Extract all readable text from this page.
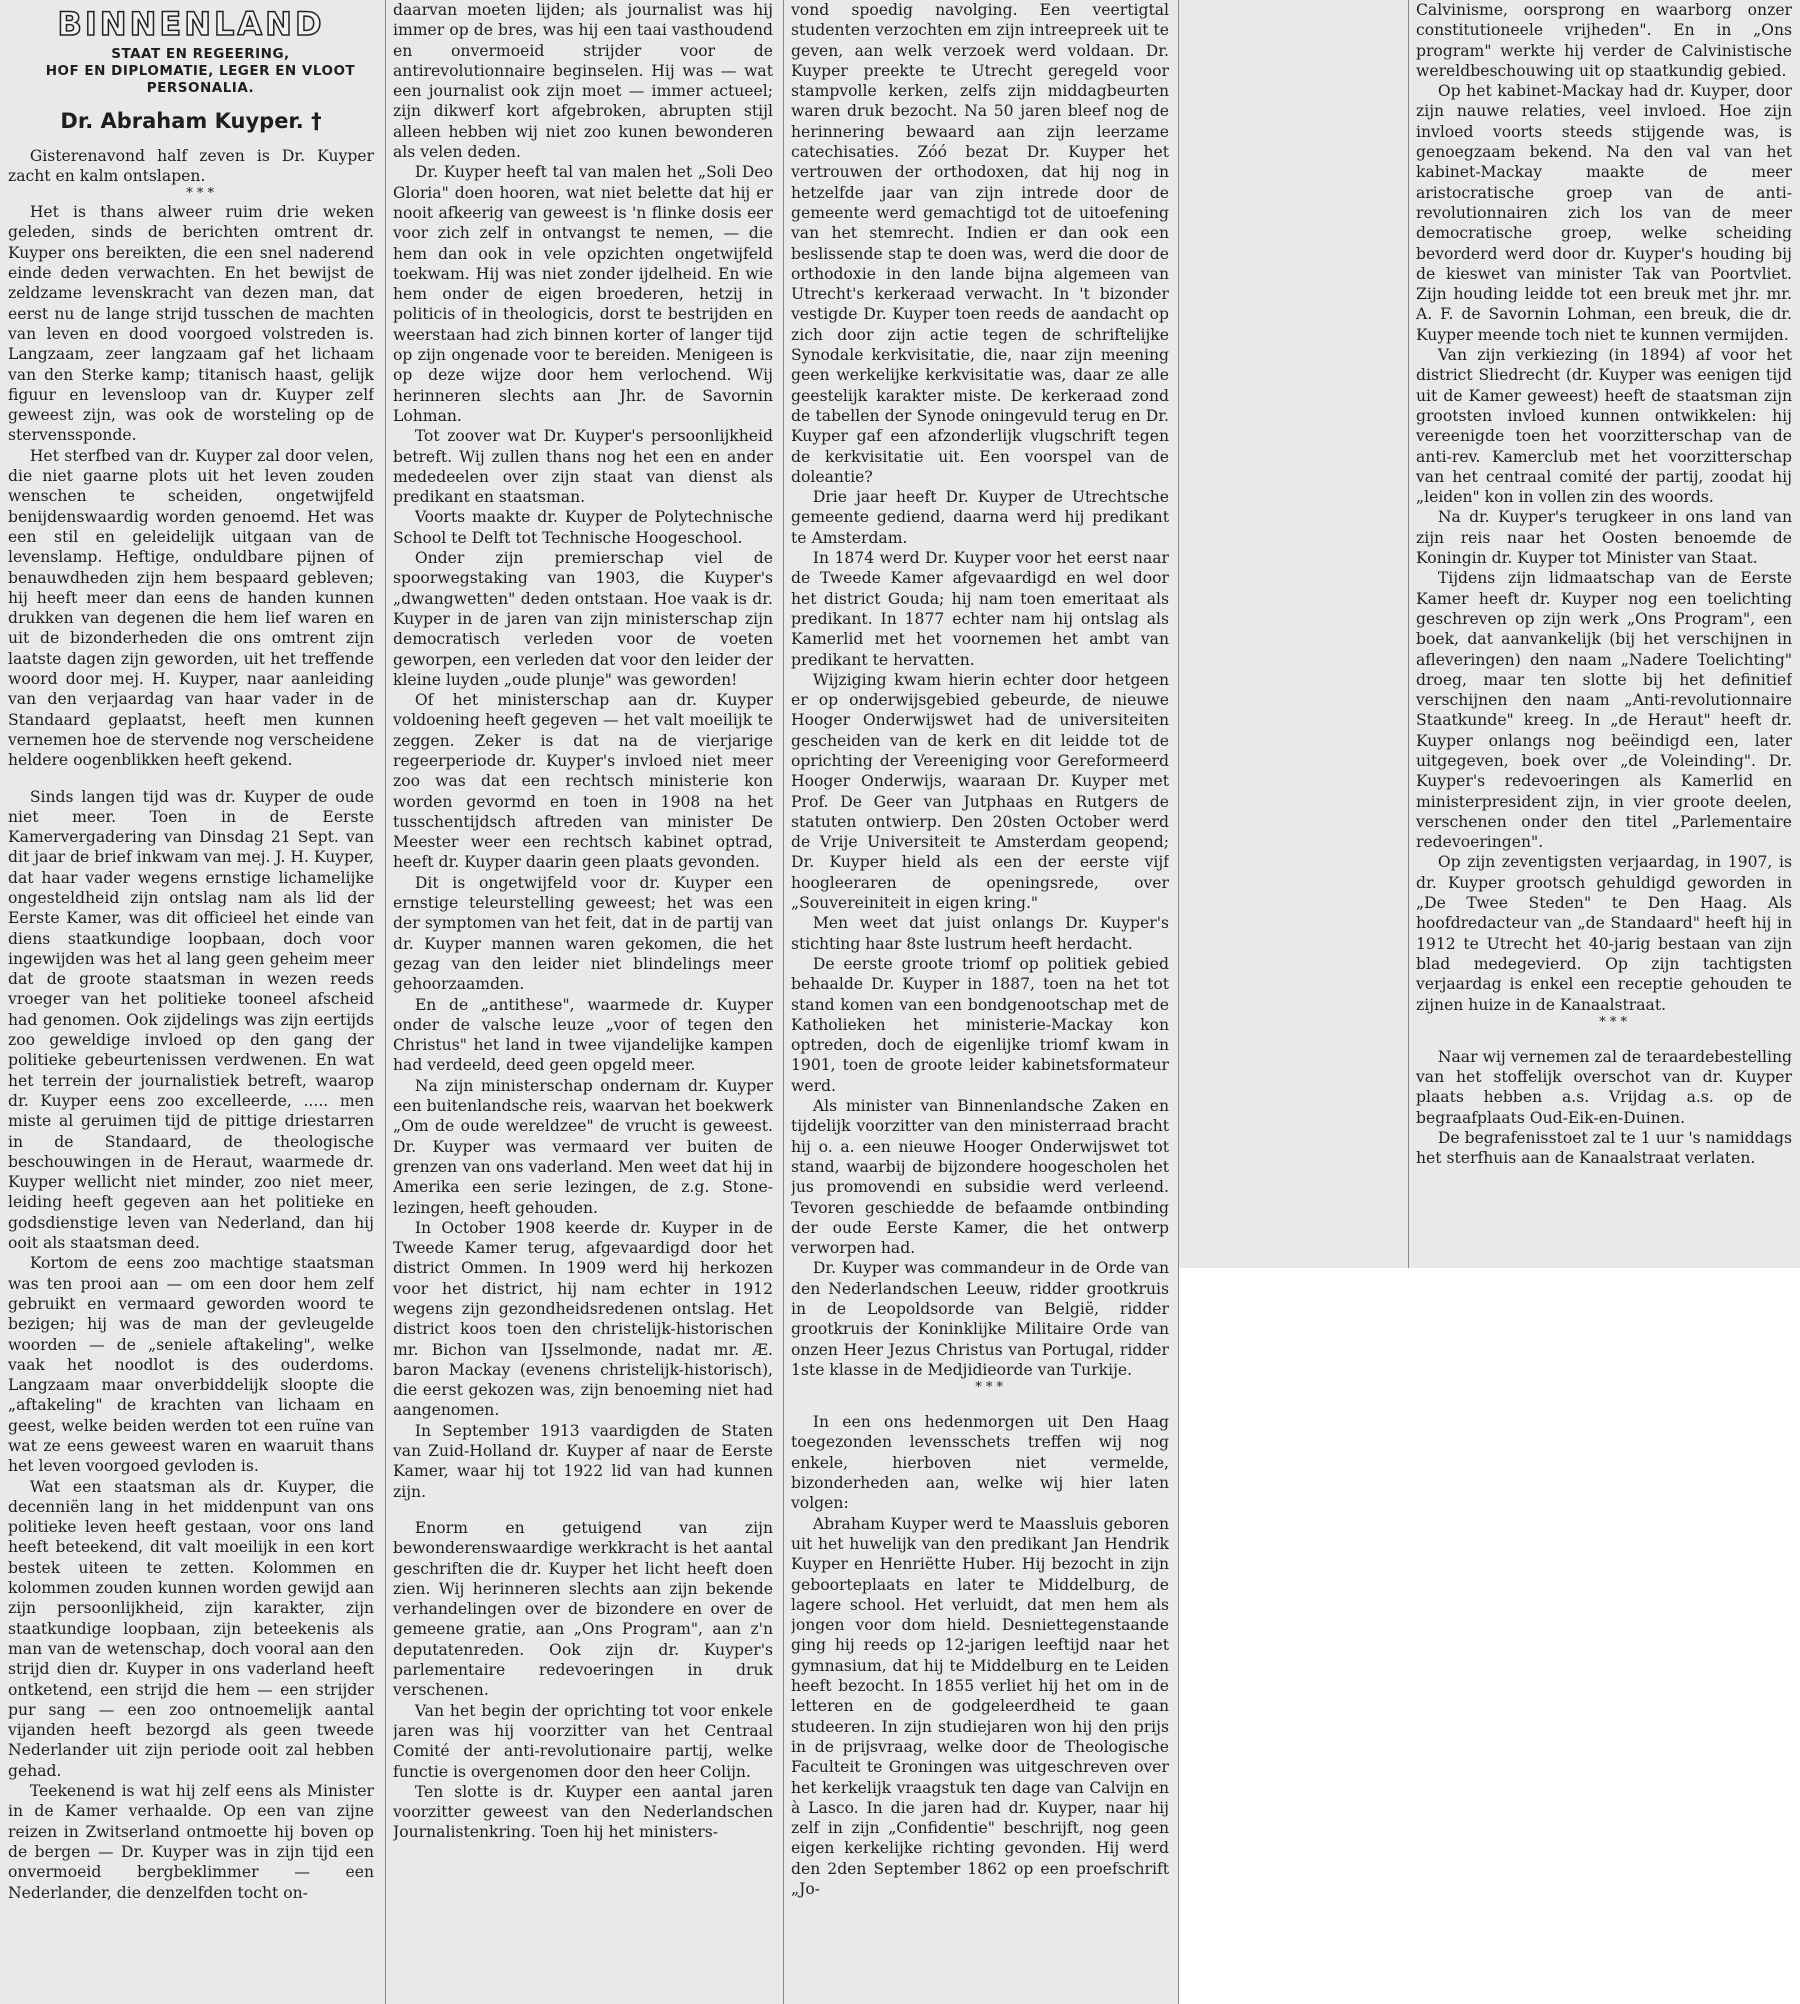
BINNENLAND

STAAT EN REGEERING,

HOF EN DIPLOMATIE, LEGER EN VLOOT

PERSONALIA.

Dr. Abraham Kuyper. †

Gisterenavond half zeven is Dr. Kuyper zacht en kalm ontslapen.

* * *

Het is thans alweer ruim drie weken geleden, sinds de berichten omtrent dr. Kuyper ons bereikten, die een snel naderend einde deden verwachten. En het bewijst de zeldzame levenskracht van dezen man, dat eerst nu de lange strijd tusschen de machten van leven en dood voorgoed volstreden is. Langzaam, zeer langzaam gaf het lichaam van den Sterke kamp; titanisch haast, gelijk figuur en levensloop van dr. Kuyper zelf geweest zijn, was ook de worsteling op de stervenssponde.

Het sterfbed van dr. Kuyper zal door velen, die niet gaarne plots uit het leven zouden wenschen te scheiden, ongetwijfeld benijdenswaardig worden genoemd. Het was een stil en geleidelijk uitgaan van de levenslamp. Heftige, onduldbare pijnen of benauwdheden zijn hem bespaard gebleven; hij heeft meer dan eens de handen kunnen drukken van degenen die hem lief waren en uit de bizonderheden die ons omtrent zijn laatste dagen zijn geworden, uit het treffende woord door mej. H. Kuyper, naar aanleiding van den verjaardag van haar vader in de Standaard geplaatst, heeft men kunnen vernemen hoe de stervende nog verscheidene heldere oogenblikken heeft gekend.

Sinds langen tijd was dr. Kuyper de oude niet meer. Toen in de Eerste Kamervergadering van Dinsdag 21 Sept. van dit jaar de brief inkwam van mej. J. H. Kuyper, dat haar vader wegens ernstige lichamelijke ongesteldheid zijn ontslag nam als lid der Eerste Kamer, was dit officieel het einde van diens staatkundige loopbaan, doch voor ingewijden was het al lang geen geheim meer dat de groote staatsman in wezen reeds vroeger van het politieke tooneel afscheid had genomen. Ook zijdelings was zijn eertijds zoo geweldige invloed op den gang der politieke gebeurtenissen verdwenen. En wat het terrein der journalistiek betreft, waarop dr. Kuyper eens zoo excelleerde, ..... men miste al geruimen tijd de pittige driestarren in de Standaard, de theologische beschouwingen in de Heraut, waarmede dr. Kuyper wellicht niet minder, zoo niet meer, leiding heeft gegeven aan het politieke en godsdienstige leven van Nederland, dan hij ooit als staatsman deed.

Kortom de eens zoo machtige staatsman was ten prooi aan — om een door hem zelf gebruikt en vermaard geworden woord te bezigen; hij was de man der gevleugelde woorden — de „seniele aftakeling", welke vaak het noodlot is des ouderdoms. Langzaam maar onverbiddelijk sloopte die „aftakeling" de krachten van lichaam en geest, welke beiden werden tot een ruïne van wat ze eens geweest waren en waaruit thans het leven voorgoed gevloden is.

Wat een staatsman als dr. Kuyper, die decenniën lang in het middenpunt van ons politieke leven heeft gestaan, voor ons land heeft beteekend, dit valt moeilijk in een kort bestek uiteen te zetten. Kolommen en kolommen zouden kunnen worden gewijd aan zijn persoonlijkheid, zijn karakter, zijn staatkundige loopbaan, zijn beteekenis als man van de wetenschap, doch vooral aan den strijd dien dr. Kuyper in ons vaderland heeft ontketend, een strijd die hem — een strijder pur sang — een zoo ontnoemelijk aantal vijanden heeft bezorgd als geen tweede Nederlander uit zijn periode ooit zal hebben gehad.

Teekenend is wat hij zelf eens als Minister in de Kamer verhaalde. Op een van zijne reizen in Zwitserland ontmoette hij boven op de bergen — Dr. Kuyper was in zijn tijd een onvermoeid bergbeklimmer — een Nederlander, die denzelfden tocht on-

daarvan moeten lijden; als journalist was hij immer op de bres, was hij een taai vasthoudend en onvermoeid strijder voor de antirevolutionnaire beginselen. Hij was — wat een journalist ook zijn moet — immer actueel; zijn dikwerf kort afgebroken, abrupten stijl alleen hebben wij niet zoo kunen bewonderen als velen deden.

Dr. Kuyper heeft tal van malen het „Soli Deo Gloria" doen hooren, wat niet belette dat hij er nooit afkeerig van geweest is 'n flinke dosis eer voor zich zelf in ontvangst te nemen, — die hem dan ook in vele opzichten ongetwijfeld toekwam. Hij was niet zonder ijdelheid. En wie hem onder de eigen broederen, hetzij in politicis of in theologicis, dorst te bestrijden en weerstaan had zich binnen korter of langer tijd op zijn ongenade voor te bereiden. Menigeen is op deze wijze door hem verlochend. Wij herinneren slechts aan Jhr. de Savornin Lohman.

Tot zoover wat Dr. Kuyper's persoonlijkheid betreft. Wij zullen thans nog het een en ander mededeelen over zijn staat van dienst als predikant en staatsman.

Voorts maakte dr. Kuyper de Polytechnische School te Delft tot Technische Hoogeschool.

Onder zijn premierschap viel de spoorwegstaking van 1903, die Kuyper's „dwangwetten" deden ontstaan. Hoe vaak is dr. Kuyper in de jaren van zijn ministerschap zijn democratisch verleden voor de voeten geworpen, een verleden dat voor den leider der kleine luyden „oude plunje" was geworden!

Of het ministerschap aan dr. Kuyper voldoening heeft gegeven — het valt moeilijk te zeggen. Zeker is dat na de vierjarige regeerperiode dr. Kuyper's invloed niet meer zoo was dat een rechtsch ministerie kon worden gevormd en toen in 1908 na het tusschentijdsch aftreden van minister De Meester weer een rechtsch kabinet optrad, heeft dr. Kuyper daarin geen plaats gevonden.

Dit is ongetwijfeld voor dr. Kuyper een ernstige teleurstelling geweest; het was een der symptomen van het feit, dat in de partij van dr. Kuyper mannen waren gekomen, die het gezag van den leider niet blindelings meer gehoorzaamden.

En de „antithese", waarmede dr. Kuyper onder de valsche leuze „voor of tegen den Christus" het land in twee vijandelijke kampen had verdeeld, deed geen opgeld meer.

Na zijn ministerschap ondernam dr. Kuyper een buitenlandsche reis, waarvan het boekwerk „Om de oude wereldzee" de vrucht is geweest. Dr. Kuyper was vermaard ver buiten de grenzen van ons vaderland. Men weet dat hij in Amerika een serie lezingen, de z.g. Stone-lezingen, heeft gehouden.

In October 1908 keerde dr. Kuyper in de Tweede Kamer terug, afgevaardigd door het district Ommen. In 1909 werd hij herkozen voor het district, hij nam echter in 1912 wegens zijn gezondheidsredenen ontslag. Het district koos toen den christelijk-historischen mr. Bichon van IJsselmonde, nadat mr. Æ. baron Mackay (evenens christelijk-historisch), die eerst gekozen was, zijn benoeming niet had aangenomen.

In September 1913 vaardigden de Staten van Zuid-Holland dr. Kuyper af naar de Eerste Kamer, waar hij tot 1922 lid van had kunnen zijn.

Enorm en getuigend van zijn bewonderenswaardige werkkracht is het aantal geschriften die dr. Kuyper het licht heeft doen zien. Wij herinneren slechts aan zijn bekende verhandelingen over de bizondere en over de gemeene gratie, aan „Ons Program", aan z'n deputatenreden. Ook zijn dr. Kuyper's parlementaire redevoeringen in druk verschenen.

Van het begin der oprichting tot voor enkele jaren was hij voorzitter van het Centraal Comité der anti-revolutionaire partij, welke functie is overgenomen door den heer Colijn.

Ten slotte is dr. Kuyper een aantal jaren voorzitter geweest van den Nederlandschen Journalistenkring. Toen hij het ministers-

vond spoedig navolging. Een veertigtal studenten verzochten em zijn intreepreek uit te geven, aan welk verzoek werd voldaan. Dr. Kuyper preekte te Utrecht geregeld voor stampvolle kerken, zelfs zijn middagbeurten waren druk bezocht. Na 50 jaren bleef nog de herinnering bewaard aan zijn leerzame catechisaties. Zóó bezat Dr. Kuyper het vertrouwen der orthodoxen, dat hij nog in hetzelfde jaar van zijn intrede door de gemeente werd gemachtigd tot de uitoefening van het stemrecht. Indien er dan ook een beslissende stap te doen was, werd die door de orthodoxie in den lande bijna algemeen van Utrecht's kerkeraad verwacht. In 't bizonder vestigde Dr. Kuyper toen reeds de aandacht op zich door zijn actie tegen de schriftelijke Synodale kerkvisitatie, die, naar zijn meening geen werkelijke kerkvisitatie was, daar ze alle geestelijk karakter miste. De kerkeraad zond de tabellen der Synode oningevuld terug en Dr. Kuyper gaf een afzonderlijk vlugschrift tegen de kerkvisitatie uit. Een voorspel van de doleantie?

Drie jaar heeft Dr. Kuyper de Utrechtsche gemeente gediend, daarna werd hij predikant te Amsterdam.

In 1874 werd Dr. Kuyper voor het eerst naar de Tweede Kamer afgevaardigd en wel door het district Gouda; hij nam toen emeritaat als predikant. In 1877 echter nam hij ontslag als Kamerlid met het voornemen het ambt van predikant te hervatten.

Wijziging kwam hierin echter door hetgeen er op onderwijsgebied gebeurde, de nieuwe Hooger Onderwijswet had de universiteiten gescheiden van de kerk en dit leidde tot de oprichting der Vereeniging voor Gereformeerd Hooger Onderwijs, waaraan Dr. Kuyper met Prof. De Geer van Jutphaas en Rutgers de statuten ontwierp. Den 20sten October werd de Vrije Universiteit te Amsterdam geopend; Dr. Kuyper hield als een der eerste vijf hoogleeraren de openingsrede, over „Souvereiniteit in eigen kring."

Men weet dat juist onlangs Dr. Kuyper's stichting haar 8ste lustrum heeft herdacht.

De eerste groote triomf op politiek gebied behaalde Dr. Kuyper in 1887, toen na het tot stand komen van een bondgenootschap met de Katholieken het ministerie-Mackay kon optreden, doch de eigenlijke triomf kwam in 1901, toen de groote leider kabinetsformateur werd.

Als minister van Binnenlandsche Zaken en tijdelijk voorzitter van den ministerraad bracht hij o. a. een nieuwe Hooger Onderwijswet tot stand, waarbij de bijzondere hoogescholen het jus promovendi en subsidie werd verleend. Tevoren geschiedde de befaamde ontbinding der oude Eerste Kamer, die het ontwerp verworpen had.

Dr. Kuyper was commandeur in de Orde van den Nederlandschen Leeuw, ridder grootkruis in de Leopoldsorde van België, ridder grootkruis der Koninklijke Militaire Orde van onzen Heer Jezus Christus van Portugal, ridder 1ste klasse in de Medjidieorde van Turkije.

* * *

In een ons hedenmorgen uit Den Haag toegezonden levensschets treffen wij nog enkele, hierboven niet vermelde, bizonderheden aan, welke wij hier laten volgen:

Abraham Kuyper werd te Maassluis geboren uit het huwelijk van den predikant Jan Hendrik Kuyper en Henriëtte Huber. Hij bezocht in zijn geboorteplaats en later te Middelburg, de lagere school. Het verluidt, dat men hem als jongen voor dom hield. Desniettegenstaande ging hij reeds op 12-jarigen leeftijd naar het gymnasium, dat hij te Middelburg en te Leiden heeft bezocht. In 1855 verliet hij het om in de letteren en de godgeleerdheid te gaan studeeren. In zijn studiejaren won hij den prijs in de prijsvraag, welke door de Theologische Faculteit te Groningen was uitgeschreven over het kerkelijk vraagstuk ten dage van Calvijn en à Lasco. In die jaren had dr. Kuyper, naar hij zelf in zijn „Confidentie" beschrijft, nog geen eigen kerkelijke richting gevonden. Hij werd den 2den September 1862 op een proefschrift „Jo-

Calvinisme, oorsprong en waarborg onzer constitutioneele vrijheden". En in „Ons program" werkte hij verder de Calvinistische wereldbeschouwing uit op staatkundig gebied.

Op het kabinet-Mackay had dr. Kuyper, door zijn nauwe relaties, veel invloed. Hoe zijn invloed voorts steeds stijgende was, is genoegzaam bekend. Na den val van het kabinet-Mackay maakte de meer aristocratische groep van de anti-revolutionnairen zich los van de meer democratische groep, welke scheiding bevorderd werd door dr. Kuyper's houding bij de kieswet van minister Tak van Poortvliet. Zijn houding leidde tot een breuk met jhr. mr. A. F. de Savornin Lohman, een breuk, die dr. Kuyper meende toch niet te kunnen vermijden.

Van zijn verkiezing (in 1894) af voor het district Sliedrecht (dr. Kuyper was eenigen tijd uit de Kamer geweest) heeft de staatsman zijn grootsten invloed kunnen ontwikkelen: hij vereenigde toen het voorzitterschap van de anti-rev. Kamerclub met het voorzitterschap van het centraal comité der partij, zoodat hij „leiden" kon in vollen zin des woords.

Na dr. Kuyper's terugkeer in ons land van zijn reis naar het Oosten benoemde de Koningin dr. Kuyper tot Minister van Staat.

Tijdens zijn lidmaatschap van de Eerste Kamer heeft dr. Kuyper nog een toelichting geschreven op zijn werk „Ons Program", een boek, dat aanvankelijk (bij het verschijnen in afleveringen) den naam „Nadere Toelichting" droeg, maar ten slotte bij het definitief verschijnen den naam „Anti-revolutionnaire Staatkunde" kreeg. In „de Heraut" heeft dr. Kuyper onlangs nog beëindigd een, later uitgegeven, boek over „de Voleinding". Dr. Kuyper's redevoeringen als Kamerlid en ministerpresident zijn, in vier groote deelen, verschenen onder den titel „Parlementaire redevoeringen".

Op zijn zeventigsten verjaardag, in 1907, is dr. Kuyper grootsch gehuldigd geworden in „De Twee Steden" te Den Haag. Als hoofdredacteur van „de Standaard" heeft hij in 1912 te Utrecht het 40-jarig bestaan van zijn blad medegevierd. Op zijn tachtigsten verjaardag is enkel een receptie gehouden te zijnen huize in de Kanaalstraat.

* * *

Naar wij vernemen zal de teraardebestelling van het stoffelijk overschot van dr. Kuyper plaats hebben a.s. Vrijdag a.s. op de begraafplaats Oud-Eik-en-Duinen.

De begrafenisstoet zal te 1 uur 's namiddags het sterfhuis aan de Kanaalstraat verlaten.
